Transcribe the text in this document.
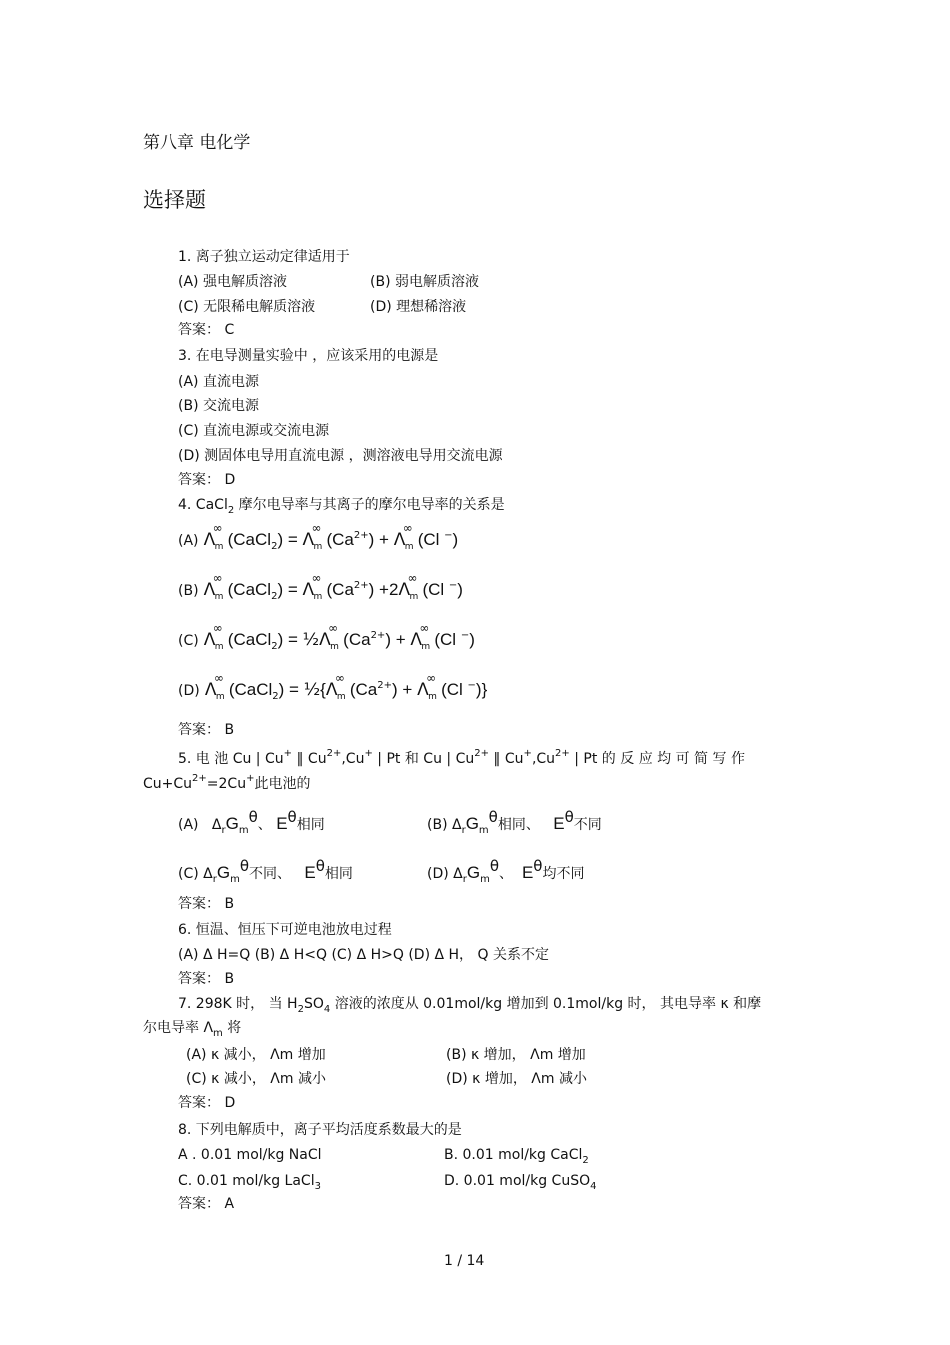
第八章 电化学
选择题
1. 离子独立运动定律适用于
(A) 强电解质溶液	(B) 弱电解质溶液
(C) 无限稀电解质溶液	(D) 理想稀溶液
答案： C
3. 在电导测量实验中 ，应该采用的电源是
(A) 直流电源
(B) 交流电源
(C) 直流电源或交流电源
(D) 测固体电导用直流电源 ，测溶液电导用交流电源
答案： D
4. CaCl$_2$ 摩尔电导率与其离子的摩尔电导率的关系是
(A) Λ
∞
m (CaCl$_2$) = Λ
∞
m $(Ca^{2+}) + \Lambda$
∞
m (Cl −)
(B) Λ
∞
m (CaCl$_2$) = Λ
∞
m $(Ca^{2+}) +2\Lambda$
∞
m (Cl −)
(C) Λ
∞
m (CaCl$_2$) = ½Λ
∞
m $(Ca^{2+}) + \Lambda$
∞
m (Cl −)
(D) Λ
∞
m (CaCl$_2$) = ½{Λ
∞
m $(Ca^{2+}) + \Lambda$
∞
m (Cl −)}
答案： B
5. 电 池 Cu | Cu+ ‖ $Cu^{2+},Cu^+$ | Pt 和 Cu | $Cu^{2+}$ ‖ $Cu^+,Cu^{2+}$ | Pt 的 反 应 均 可 简 写 作
$Cu+Cu^{2+}=2Cu^+$此电池的
(A) $\Delta_rG_m\theta$、 Eθ相同	(B) $\Delta_rG_m\theta$相同、 Eθ不同
(C) $\Delta_rG_m\theta$不同、 Eθ相同	(D) $\Delta_rG_m\theta$、 Eθ均不同
答案： B
6. 恒温、恒压下可逆电池放电过程
(A) Δ H=Q (B) Δ H<Q (C) Δ H>Q (D) Δ H， Q 关系不定
答案： B
7. 298K 时， 当 $H_2SO_4$ 溶液的浓度从 0.01mol/kg 增加到 0.1mol/kg 时， 其电导率 κ 和摩
尔电导率 $\Lambda_m$ 将
(A) κ 减小， Λm 增加	(B) κ 增加， Λm 增加
(C) κ 减小， Λm 减小	(D) κ 增加， Λm 减小
答案： D
8. 下列电解质中，离子平均活度系数最大的是
A . 0.01 mol/kg NaCl	B. 0.01 mol/kg CaCl$_2$
C. 0.01 mol/kg LaCl$_3$	D. 0.01 mol/kg CuSO$_4$
答案： A
1 / 14
